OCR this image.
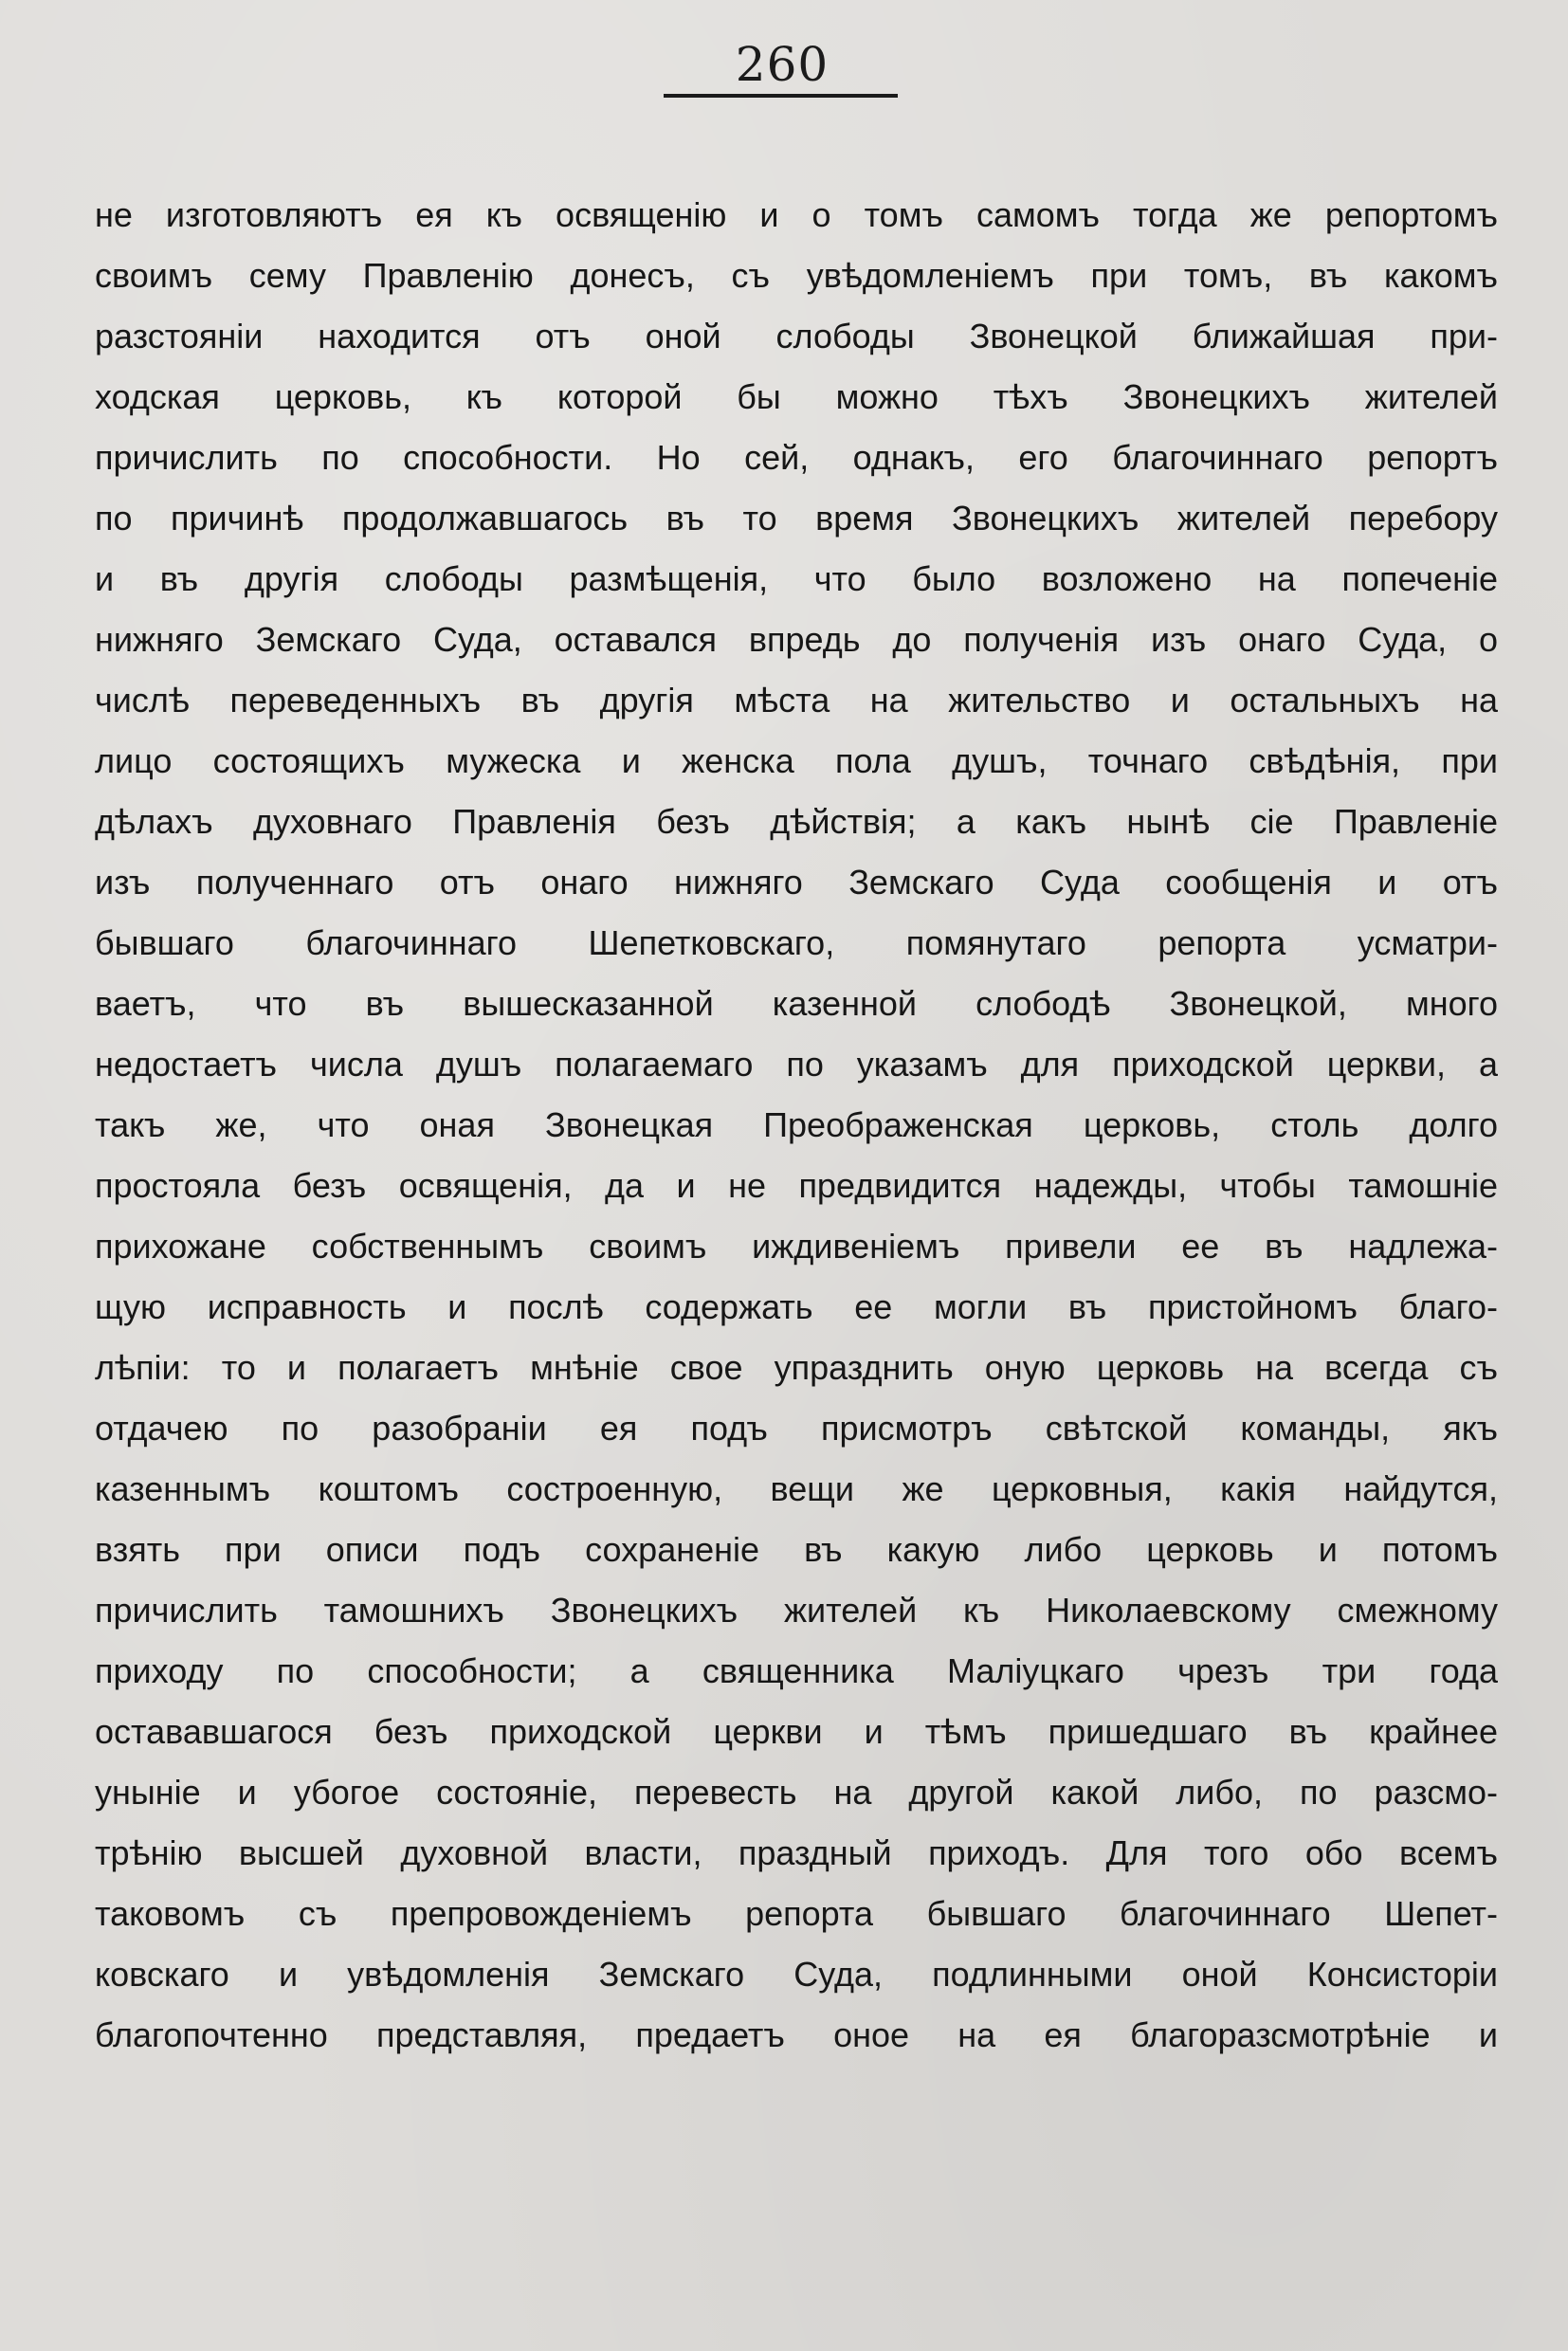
260
не изготовляютъ ея къ освященію и о томъ самомъ тогда же репортомъ
своимъ сему Правленію донесъ, съ увѣдомленіемъ при томъ, въ какомъ
разстояніи находится отъ оной слободы Звонецкой ближайшая при-
ходская церковь, къ которой бы можно тѣхъ Звонецкихъ жителей
причислить по способности. Но сей, однакъ, его благочиннаго репортъ
по причинѣ продолжавшагось въ то время Звонецкихъ жителей перебору
и въ другія слободы размѣщенія, что было возложено на попеченіе
нижняго Земскаго Суда, оставался впредь до полученія изъ онаго Суда, о
числѣ переведенныхъ въ другія мѣста на жительство и остальныхъ на
лицо состоящихъ мужеска и женска пола душъ, точнаго свѣдѣнія, при
дѣлахъ духовнаго Правленія безъ дѣйствія; а какъ нынѣ сіе Правленіе
изъ полученнаго отъ онаго нижняго Земскаго Суда сообщенія и отъ
бывшаго благочиннаго Шепетковскаго, помянутаго репорта усматри-
ваетъ, что въ вышесказанной казенной слободѣ Звонецкой, много
недостаетъ числа душъ полагаемаго по указамъ для приходской церкви, а
такъ же, что оная Звонецкая Преображенская церковь, столь долго
простояла безъ освященія, да и не предвидится надежды, чтобы тамошніе
прихожане собственнымъ своимъ иждивеніемъ привели ее въ надлежа-
щую исправность и послѣ содержать ее могли въ пристойномъ благо-
лѣпіи: то и полагаетъ мнѣніе свое упразднить оную церковь на всегда съ
отдачею по разобраніи ея подъ присмотръ свѣтской команды, якъ
казеннымъ коштомъ состроенную, вещи же церковныя, какія найдутся,
взять при описи подъ сохраненіе въ какую либо церковь и потомъ
причислить тамошнихъ Звонецкихъ жителей къ Николаевскому смежному
приходу по способности; а священника Маліуцкаго чрезъ три года
остававшагося безъ приходской церкви и тѣмъ пришедшаго въ крайнее
уныніе и убогое состояніе, перевесть на другой какой либо, по разсмо-
трѣнію высшей духовной власти, праздный приходъ. Для того обо всемъ
таковомъ съ препровожденіемъ репорта бывшаго благочиннаго Шепет-
ковскаго и увѣдомленія Земскаго Суда, подлинными оной Консисторіи
благопочтенно представляя, предаетъ оное на ея благоразсмотрѣніе и
